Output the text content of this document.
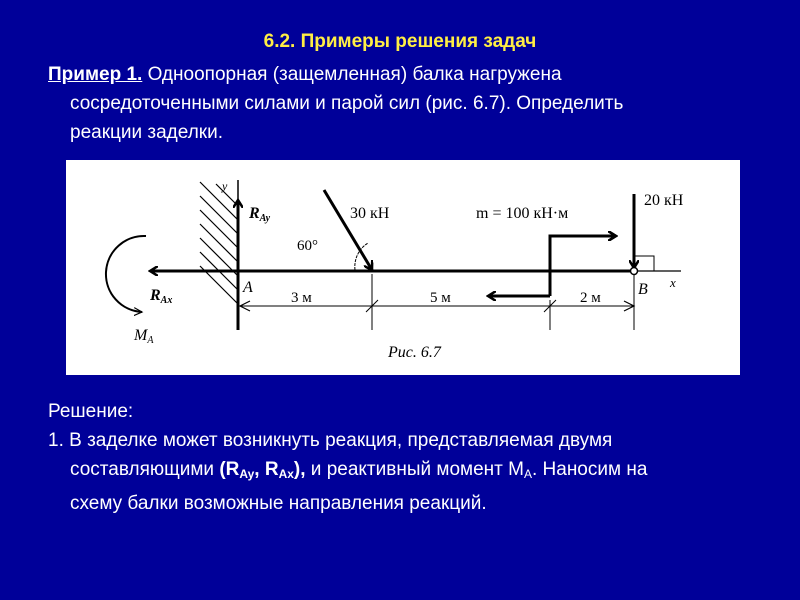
6.2. Примеры решения задач
Пример 1. Одноопорная (защемленная) балка нагружена
сосредоточенными силами и парой сил (рис. 6.7). Определить
реакции заделки.
y
RAy
RAx
MA
A
30 кН
60°
m = 100 кН·м
20 кН
B x
3 м	5 м	2 м
Рис. 6.7
Решение:
1. В заделке может возникнуть реакция, представляемая двумя
составляющими ($R_{Ay}$, $R_{Ax}$), и реактивный момент $M_A$. Наносим на
схему балки возможные направления реакций.
